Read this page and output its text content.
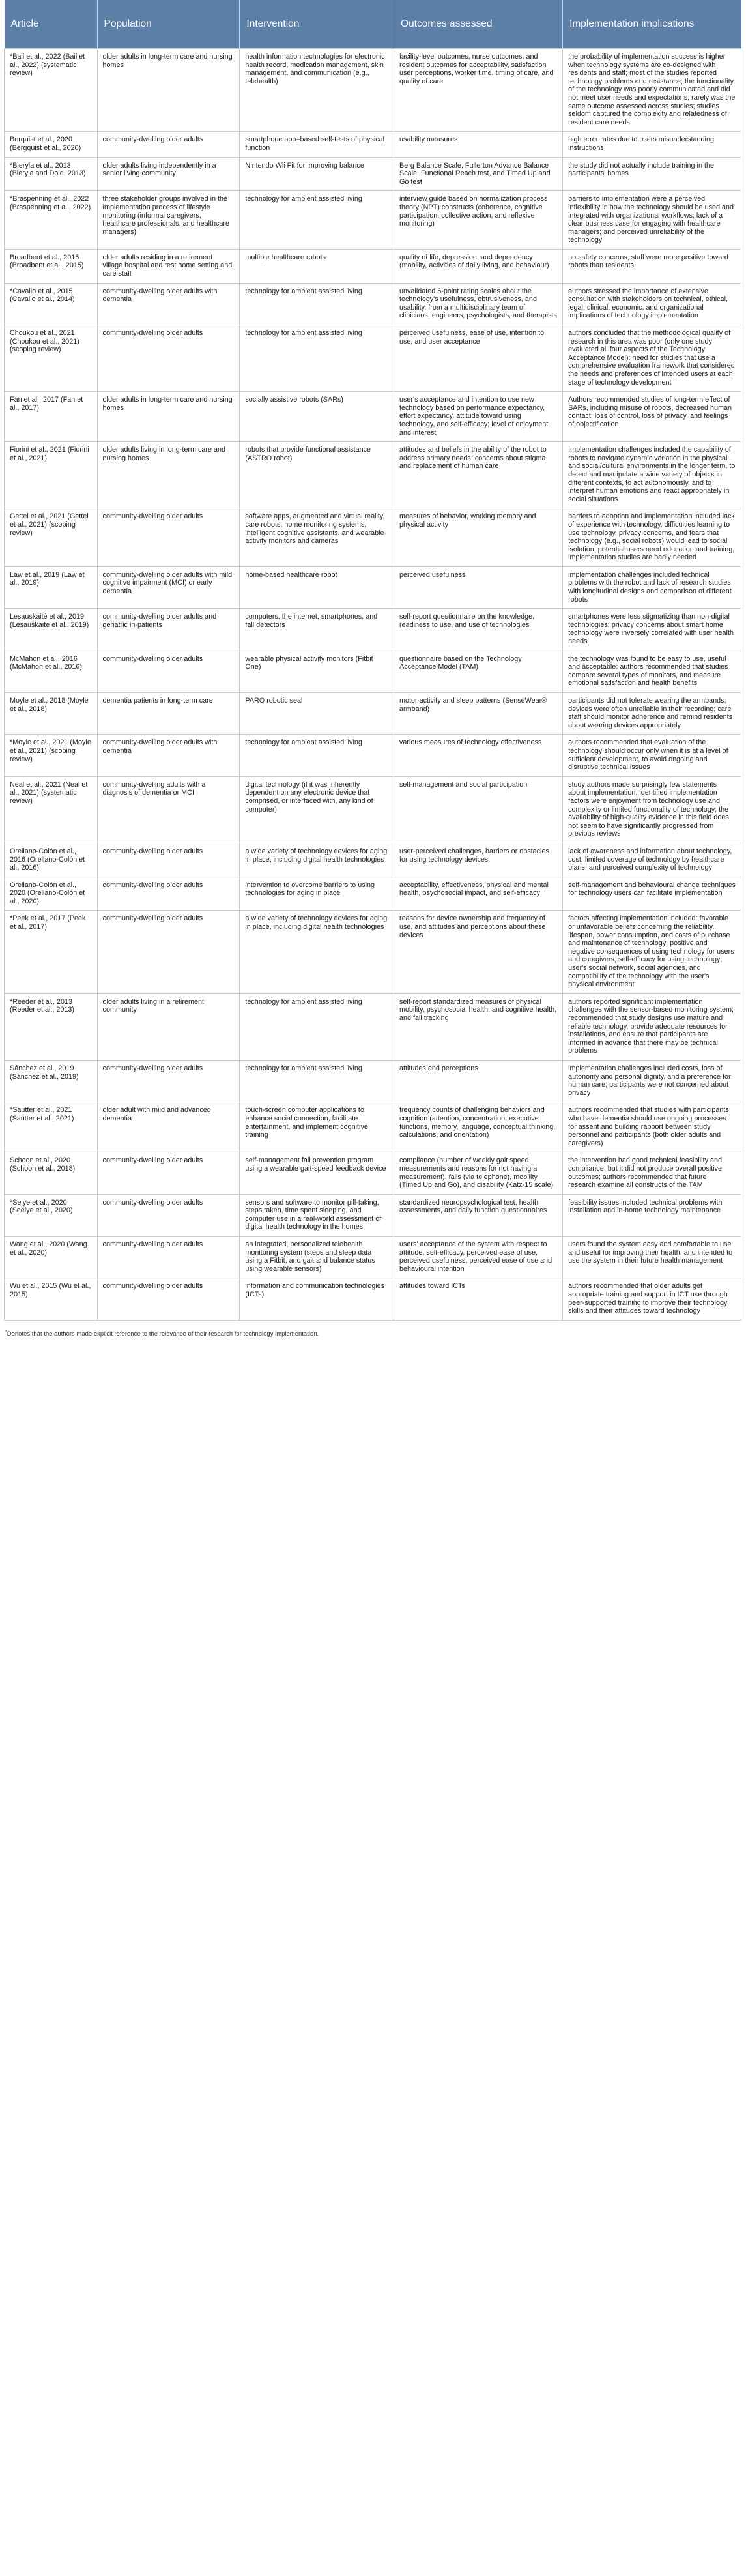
Article	Population	Intervention	Outcomes assessed	Implementation implications
*Bail et al., 2022 (Bail et al., 2022) (systematic review)	older adults in long-term care and nursing homes	health information technologies for electronic health record, medication management, skin management, and communication (e.g., telehealth)	facility-level outcomes, nurse outcomes, and resident outcomes for acceptability, satisfaction user perceptions, worker time, timing of care, and quality of care	the probability of implementation success is higher when technology systems are co-designed with residents and staff; most of the studies reported technology problems and resistance; the functionality of the technology was poorly communicated and did not meet user needs and expectations; rarely was the same outcome assessed across studies; studies seldom captured the complexity and relatedness of resident care needs
Berquist et al., 2020 (Bergquist et al., 2020)	community-dwelling older adults	smartphone app–based self-tests of physical function	usability measures	high error rates due to users misunderstanding instructions
*Bieryla et al., 2013 (Bieryla and Dold, 2013)	older adults living independently in a senior living community	Nintendo Wii Fit for improving balance	Berg Balance Scale, Fullerton Advance Balance Scale, Functional Reach test, and Timed Up and Go test	the study did not actually include training in the participants' homes
*Braspenning et al., 2022 (Braspenning et al., 2022)	three stakeholder groups involved in the implementation process of lifestyle monitoring (informal caregivers, healthcare professionals, and healthcare managers)	technology for ambient assisted living	interview guide based on normalization process theory (NPT) constructs (coherence, cognitive participation, collective action, and reflexive monitoring)	barriers to implementation were a perceived inflexibility in how the technology should be used and integrated with organizational workflows; lack of a clear business case for engaging with healthcare managers; and perceived unreliability of the technology
Broadbent et al., 2015 (Broadbent et al., 2015)	older adults residing in a retirement village hospital and rest home setting and care staff	multiple healthcare robots	quality of life, depression, and dependency (mobility, activities of daily living, and behaviour)	no safety concerns; staff were more positive toward robots than residents
*Cavallo et al., 2015 (Cavallo et al., 2014)	community-dwelling older adults with dementia	technology for ambient assisted living	unvalidated 5-point rating scales about the technology's usefulness, obtrusiveness, and usability, from a multidisciplinary team of clinicians, engineers, psychologists, and therapists	authors stressed the importance of extensive consultation with stakeholders on technical, ethical, legal, clinical, economic, and organizational implications of technology implementation
Choukou et al., 2021 (Choukou et al., 2021) (scoping review)	community-dwelling older adults	technology for ambient assisted living	perceived usefulness, ease of use, intention to use, and user acceptance	authors concluded that the methodological quality of research in this area was poor (only one study evaluated all four aspects of the Technology Acceptance Model); need for studies that use a comprehensive evaluation framework that considered the needs and preferences of intended users at each stage of technology development
Fan et al., 2017 (Fan et al., 2017)	older adults in long-term care and nursing homes	socially assistive robots (SARs)	user's acceptance and intention to use new technology based on performance expectancy, effort expectancy, attitude toward using technology, and self-efficacy; level of enjoyment and interest	Authors recommended studies of long-term effect of SARs, including misuse of robots, decreased human contact, loss of control, loss of privacy, and feelings of objectification
Fiorini et al., 2021 (Fiorini et al., 2021)	older adults living in long-term care and nursing homes	robots that provide functional assistance (ASTRO robot)	attitudes and beliefs in the ability of the robot to address primary needs; concerns about stigma and replacement of human care	Implementation challenges included the capability of robots to navigate dynamic variation in the physical and social/cultural environments in the longer term, to detect and manipulate a wide variety of objects in different contexts, to act autonomously, and to interpret human emotions and react appropriately in social situations
Gettel et al., 2021 (Gettel et al., 2021) (scoping review)	community-dwelling older adults	software apps, augmented and virtual reality, care robots, home monitoring systems, intelligent cognitive assistants, and wearable activity monitors and cameras	measures of behavior, working memory and physical activity	barriers to adoption and implementation included lack of experience with technology, difficulties learning to use technology, privacy concerns, and fears that technology (e.g., social robots) would lead to social isolation; potential users need education and training, implementation studies are badly needed
Law et al., 2019 (Law et al., 2019)	community-dwelling older adults with mild cognitive impairment (MCI) or early dementia	home-based healthcare robot	perceived usefulness	implementation challenges included technical problems with the robot and lack of research studies with longitudinal designs and comparison of different robots
Lesauskaitė et al., 2019 (Lesauskaitė et al., 2019)	community-dwelling older adults and geriatric in-patients	computers, the internet, smartphones, and fall detectors	self-report questionnaire on the knowledge, readiness to use, and use of technologies	smartphones were less stigmatizing than non-digital technologies; privacy concerns about smart home technology were inversely correlated with user health needs
McMahon et al., 2016 (McMahon et al., 2016)	community-dwelling older adults	wearable physical activity monitors (Fitbit One)	questionnaire based on the Technology Acceptance Model (TAM)	the technology was found to be easy to use, useful and acceptable; authors recommended that studies compare several types of monitors, and measure emotional satisfaction and health benefits
Moyle et al., 2018 (Moyle et al., 2018)	dementia patients in long-term care	PARO robotic seal	motor activity and sleep patterns (SenseWear® armband)	participants did not tolerate wearing the armbands; devices were often unreliable in their recording; care staff should monitor adherence and remind residents about wearing devices appropriately
*Moyle et al., 2021 (Moyle et al., 2021) (scoping review)	community-dwelling older adults with dementia	technology for ambient assisted living	various measures of technology effectiveness	authors recommended that evaluation of the technology should occur only when it is at a level of sufficient development, to avoid ongoing and disruptive technical issues
Neal et al., 2021 (Neal et al., 2021) (systematic review)	community-dwelling adults with a diagnosis of dementia or MCI	digital technology (if it was inherently dependent on any electronic device that comprised, or interfaced with, any kind of computer)	self-management and social participation	study authors made surprisingly few statements about implementation; identified implementation factors were enjoyment from technology use and complexity or limited functionality of technology; the availability of high-quality evidence in this field does not seem to have significantly progressed from previous reviews
Orellano-Colón et al., 2016 (Orellano-Colón et al., 2016)	community-dwelling older adults	a wide variety of technology devices for aging in place, including digital health technologies	user-perceived challenges, barriers or obstacles for using technology devices	lack of awareness and information about technology, cost, limited coverage of technology by healthcare plans, and perceived complexity of technology
Orellano-Colón et al., 2020 (Orellano-Colón et al., 2020)	community-dwelling older adults	intervention to overcome barriers to using technologies for aging in place	acceptability, effectiveness, physical and mental health, psychosocial impact, and self-efficacy	self-management and behavioural change techniques for technology users can facilitate implementation
*Peek et al., 2017 (Peek et al., 2017)	community-dwelling older adults	a wide variety of technology devices for aging in place, including digital health technologies	reasons for device ownership and frequency of use, and attitudes and perceptions about these devices	factors affecting implementation included: favorable or unfavorable beliefs concerning the reliability, lifespan, power consumption, and costs of purchase and maintenance of technology; positive and negative consequences of using technology for users and caregivers; self-efficacy for using technology; user's social network, social agencies, and compatibility of the technology with the user's physical environment
*Reeder et al., 2013 (Reeder et al., 2013)	older adults living in a retirement community	technology for ambient assisted living	self-report standardized measures of physical mobility, psychosocial health, and cognitive health, and fall tracking	authors reported significant implementation challenges with the sensor-based monitoring system; recommended that study designs use mature and reliable technology, provide adequate resources for installations, and ensure that participants are informed in advance that there may be technical problems
Sánchez et al., 2019 (Sánchez et al., 2019)	community-dwelling older adults	technology for ambient assisted living	attitudes and perceptions	implementation challenges included costs, loss of autonomy and personal dignity, and a preference for human care; participants were not concerned about privacy
*Sautter et al., 2021 (Sautter et al., 2021)	older adult with mild and advanced dementia	touch-screen computer applications to enhance social connection, facilitate entertainment, and implement cognitive training	frequency counts of challenging behaviors and cognition (attention, concentration, executive functions, memory, language, conceptual thinking, calculations, and orientation)	authors recommended that studies with participants who have dementia should use ongoing processes for assent and building rapport between study personnel and participants (both older adults and caregivers)
Schoon et al., 2020 (Schoon et al., 2018)	community-dwelling older adults	self-management fall prevention program using a wearable gait-speed feedback device	compliance (number of weekly gait speed measurements and reasons for not having a measurement), falls (via telephone), mobility (Timed Up and Go), and disability (Katz-15 scale)	the intervention had good technical feasibility and compliance, but it did not produce overall positive outcomes; authors recommended that future research examine all constructs of the TAM
*Selye et al., 2020 (Seelye et al., 2020)	community-dwelling older adults	sensors and software to monitor pill-taking, steps taken, time spent sleeping, and computer use in a real-world assessment of digital health technology in the homes	standardized neuropsychological test, health assessments, and daily function questionnaires	feasibility issues included technical problems with installation and in-home technology maintenance
Wang et al., 2020 (Wang et al., 2020)	community-dwelling older adults	an integrated, personalized telehealth monitoring system (steps and sleep data using a Fitbit, and gait and balance status using wearable sensors)	users' acceptance of the system with respect to attitude, self-efficacy, perceived ease of use, perceived usefulness, perceived ease of use and behavioural intention	users found the system easy and comfortable to use and useful for improving their health, and intended to use the system in their future health management
Wu et al., 2015 (Wu et al., 2015)	community-dwelling older adults	information and communication technologies (ICTs)	attitudes toward ICTs	authors recommended that older adults get appropriate training and support in ICT use through peer-supported training to improve their technology skills and their attitudes toward technology
*Denotes that the authors made explicit reference to the relevance of their research for technology implementation.
